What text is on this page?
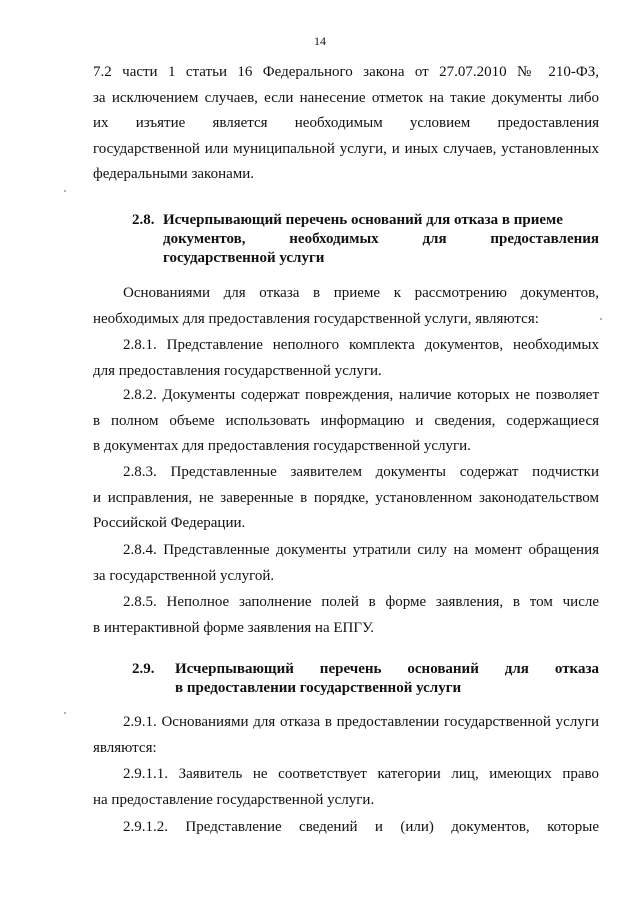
14
7.2 части 1 статьи 16 Федерального закона от 27.07.2010 № 210-ФЗ,
за исключением случаев, если нанесение отметок на такие документы либо
их изъятие является необходимым условием предоставления
государственной или муниципальной услуги, и иных случаев, установленных
федеральными законами.
2.8. Исчерпывающий перечень оснований для отказа в приеме
документов, необходимых для предоставления
государственной услуги
Основаниями для отказа в приеме к рассмотрению документов,
необходимых для предоставления государственной услуги, являются:
2.8.1. Представление неполного комплекта документов, необходимых
для предоставления государственной услуги.
2.8.2. Документы содержат повреждения, наличие которых не позволяет
в полном объеме использовать информацию и сведения, содержащиеся
в документах для предоставления государственной услуги.
2.8.3. Представленные заявителем документы содержат подчистки
и исправления, не заверенные в порядке, установленном законодательством
Российской Федерации.
2.8.4. Представленные документы утратили силу на момент обращения
за государственной услугой.
2.8.5. Неполное заполнение полей в форме заявления, в том числе
в интерактивной форме заявления на ЕПГУ.
2.9. Исчерпывающий перечень оснований для отказа
в предоставлении государственной услуги
2.9.1. Основаниями для отказа в предоставлении государственной услуги
являются:
2.9.1.1. Заявитель не соответствует категории лиц, имеющих право
на предоставление государственной услуги.
2.9.1.2. Представление сведений и (или) документов, которые
